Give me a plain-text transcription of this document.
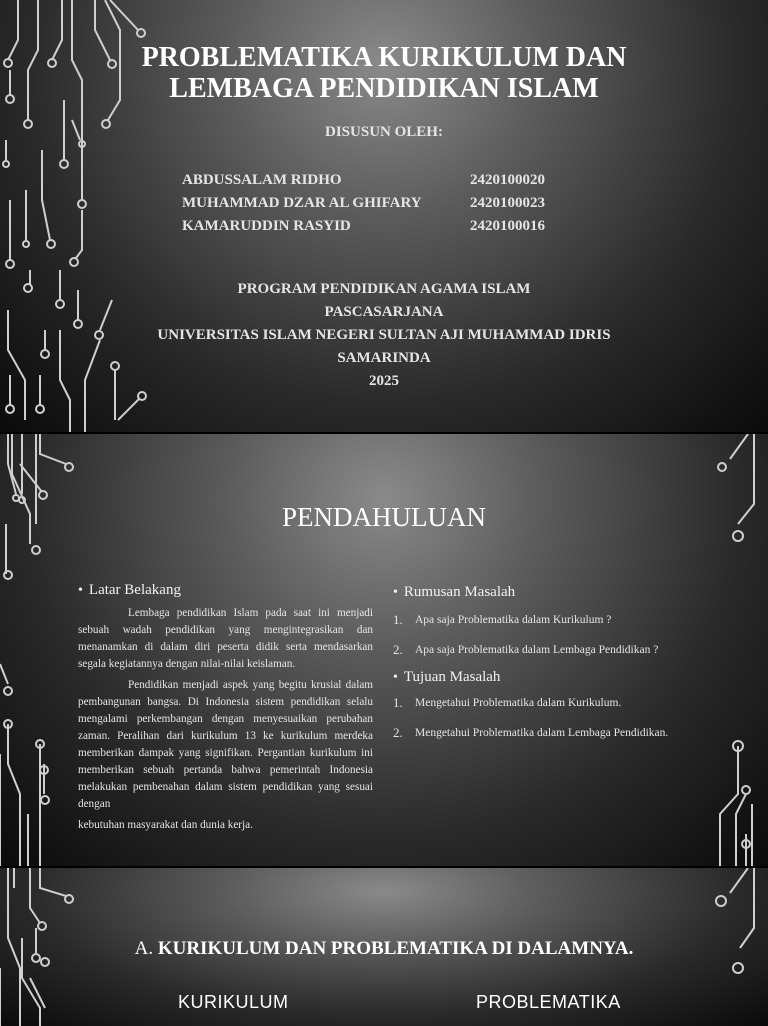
PROBLEMATIKA KURIKULUM DAN
LEMBAGA PENDIDIKAN ISLAM
DISUSUN OLEH:
ABDUSSALAM RIDHO	2420100020
MUHAMMAD DZAR AL GHIFARY	2420100023
KAMARUDDIN RASYID	2420100016
PROGRAM PENDIDIKAN AGAMA ISLAM
PASCASARJANA
UNIVERSITAS ISLAM NEGERI SULTAN AJI MUHAMMAD IDRIS
SAMARINDA
2025
PENDAHULUAN
• Latar Belakang

Lembaga pendidikan Islam pada saat ini menjadi sebuah wadah pendidikan yang mengintegrasikan dan menanamkan di dalam diri peserta didik serta mendasarkan segala kegiatannya dengan nilai-nilai keislaman.

Pendidikan menjadi aspek yang begitu krusial dalam pembangunan bangsa. Di Indonesia sistem pendidikan selalu mengalami perkembangan dengan menyesuaikan perubahan zaman. Peralihan dari kurikulum 13 ke kurikulum merdeka memberikan dampak yang signifikan. Pergantian kurikulum ini memberikan sebuah pertanda bahwa pemerintah Indonesia melakukan pembenahan dalam sistem pendidikan yang sesuai dengan

kebutuhan masyarakat dan dunia kerja.

• Rumusan Masalah
1.	Apa saja Problematika dalam Kurikulum ?
2.	Apa saja Problematika dalam Lembaga Pendidikan ?
• Tujuan Masalah
1.	Mengetahui Problematika dalam Kurikulum.
2.	Mengetahui Problematika dalam Lembaga Pendidikan.
A. KURIKULUM DAN PROBLEMATIKA DI DALAMNYA.
KURIKULUM	PROBLEMATIKA
